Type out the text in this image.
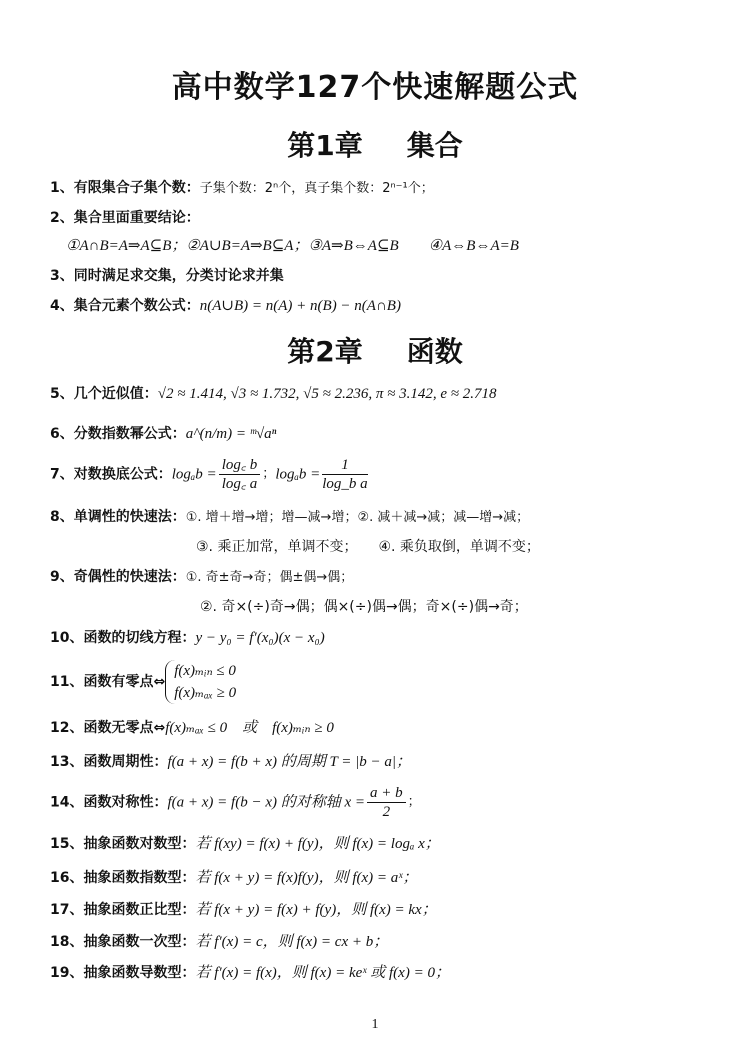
高中数学127个快速解题公式
第1章 集合
1、有限集合子集个数：子集个数：2ⁿ个，真子集个数：2ⁿ⁻¹个；
2、集合里面重要结论：
①A∩B=A⇒A⊆B；②A∪B=A⇒B⊆A；③A⇒B⇔A⊆B　　④A⇔B⇔A=B
3、同时满足求交集，分类讨论求并集
4、集合元素个数公式：n(A∪B) = n(A) + n(B) − n(A∩B)
第2章 函数
5、几个近似值：√2 ≈ 1.414, √3 ≈ 1.732, √5 ≈ 2.236, π ≈ 3.142, e ≈ 2.718
6、分数指数幂公式：a^(n/m) = ᵐ√aⁿ
7、对数换底公式：$\log_ab = \frac{\log꜀ b}{\log꜀ a}$ ；$\log_ab = \frac{1}{\text{log\_b a}}$
8、单调性的快速法：①. 增＋增→增；增—减→增；②. 减＋减→减；减—增→减；
③. 乘正加常，单调不变；　　④. 乘负取倒，单调不变；
9、奇偶性的快速法：①. 奇±奇→奇；偶±偶→偶；
②. 奇×(÷)奇→偶；偶×(÷)偶→偶；奇×(÷)偶→奇；
10、函数的切线方程：y − y₀ = f′(x₀)(x − x₀)
11、函数有零点⇔
f(x)ₘᵢₙ ≤ 0
f(x)ₘₐₓ ≥ 0
12、函数无零点⇔f(x)ₘₐₓ ≤ 0　或　f(x)ₘᵢₙ ≥ 0
13、函数周期性：f(a + x) = f(b + x) 的周期 T = |b − a|；
14、函数对称性：f(a + x) = f(b − x) 的对称轴 $x = \frac{a + b}{2}$ ；
15、抽象函数对数型：若 f(xy) = f(x) + f(y)，则 f(x) = logₐ x；
16、抽象函数指数型：若 f(x + y) = f(x)f(y)，则 f(x) = aˣ；
17、抽象函数正比型：若 f(x + y) = f(x) + f(y)，则 f(x) = kx；
18、抽象函数一次型：若 f′(x) = c，则 f(x) = cx + b；
19、抽象函数导数型：若 f′(x) = f(x)，则 f(x) = keˣ 或 f(x) = 0；
1
